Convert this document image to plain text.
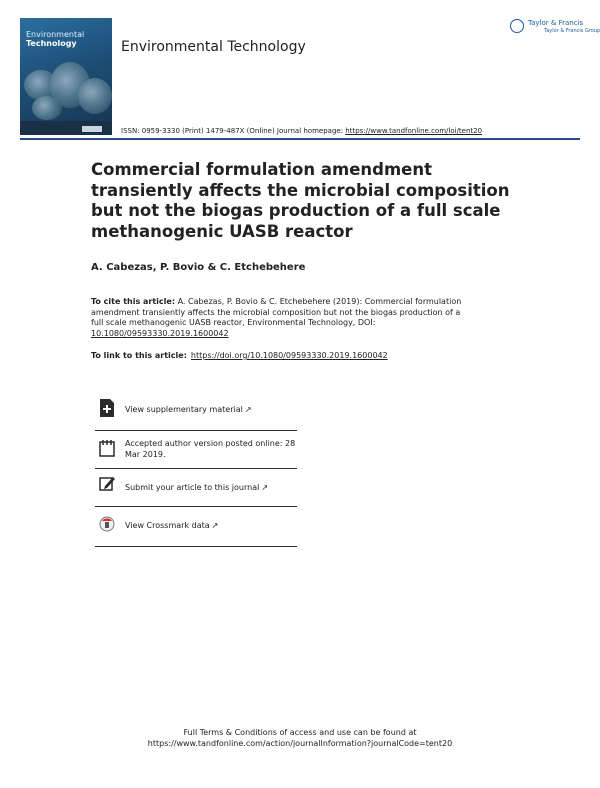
Environmental
Technology	Environmental Technology
Taylor & Francis
Taylor & Francis Group
ISSN: 0959-3330 (Print) 1479-487X (Online) Journal homepage: https://www.tandfonline.com/loi/tent20
Commercial formulation amendment transiently affects the microbial composition but not the biogas production of a full scale methanogenic UASB reactor
A. Cabezas, P. Bovio & C. Etchebehere
To cite this article: A. Cabezas, P. Bovio & C. Etchebehere (2019): Commercial formulation amendment transiently affects the microbial composition but not the biogas production of a full scale methanogenic UASB reactor, Environmental Technology, DOI: 10.1080/09593330.2019.1600042
To link to this article: https://doi.org/10.1080/09593330.2019.1600042
View supplementary material ↗
Accepted author version posted online: 28 Mar 2019.
Submit your article to this journal ↗
View Crossmark data ↗
Full Terms & Conditions of access and use can be found at
https://www.tandfonline.com/action/journalInformation?journalCode=tent20
